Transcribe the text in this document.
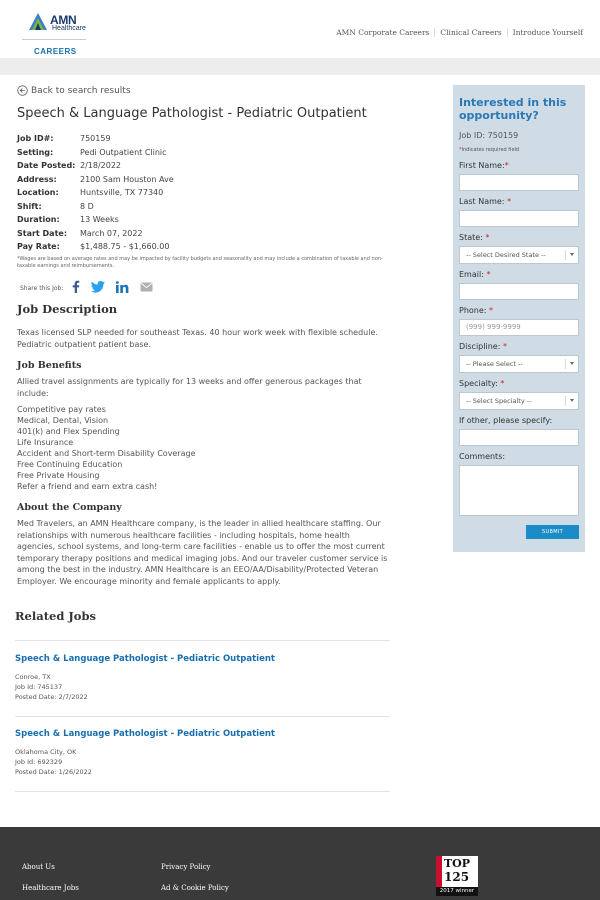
AMN
Healthcare
CAREERS
AMN Corporate Careers	Clinical Careers	Introduce Yourself
Back to search results
Speech & Language Pathologist - Pediatric Outpatient
Job ID#:	750159
Setting:	Pedi Outpatient Clinic
Date Posted: 2/18/2022
Address:	2100 Sam Houston Ave
Location:	Huntsville, TX 77340
Shift:	8 D
Duration:	13 Weeks
Start Date:	March 07, 2022
Pay Rate:	$1,488.75 - $1,660.00
*Wages are based on average rates and may be impacted by facility budgets and seasonality and may include a combination of taxable and non-taxable earnings and reimbursements.
Share this Job:
Job Description

Texas licensed SLP needed for southeast Texas. 40 hour work week with flexible schedule. Pediatric outpatient patient base.

Job Benefits

Allied travel assignments are typically for 13 weeks and offer generous packages that include:

Competitive pay rates
Medical, Dental, Vision
401(k) and Flex Spending
Life Insurance
Accident and Short-term Disability Coverage
Free Continuing Education
Free Private Housing
Refer a friend and earn extra cash!
About the Company

Med Travelers, an AMN Healthcare company, is the leader in allied healthcare staffing. Our relationships with numerous healthcare facilities - including hospitals, home health agencies, school systems, and long-term care facilities - enable us to offer the most current temporary therapy positions and medical imaging jobs. And our traveler customer service is among the best in the industry. AMN Healthcare is an EEO/AA/Disability/Protected Veteran Employer. We encourage minority and female applicants to apply.

Related Jobs
Speech & Language Pathologist - Pediatric Outpatient
Conroe, TX
Job Id: 745137
Posted Date: 2/7/2022
Speech & Language Pathologist - Pediatric Outpatient
Oklahoma City, OK
Job Id: 692329
Posted Date: 1/26/2022
Interested in this opportunity?
Job ID: 750159
*Indicates required field
First Name:*
Last Name: *
State: *
-- Select Desired State --
Email: *
Phone: *
(999) 999-9999
Discipline: *
-- Please Select --
Specialty: *
-- Select Specialty --
If other, please specify:
Comments:
SUBMIT
About Us
Healthcare Jobs
Privacy Policy
Ad & Cookie Policy
TOP
125
2017 winner
